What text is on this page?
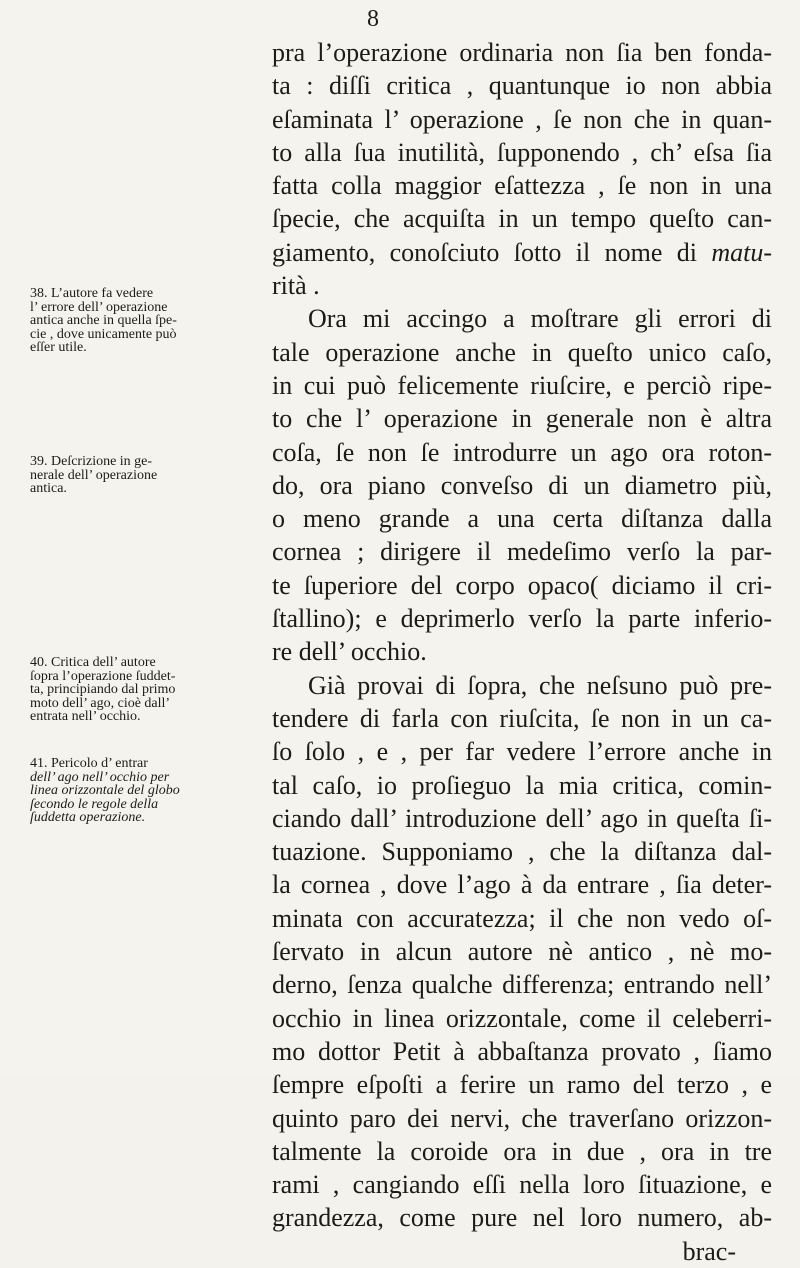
8
pra l’operazione ordinaria non ſia ben fonda-
ta : diſſi critica , quantunque io non abbia
eſaminata l’ operazione , ſe non che in quan-
to alla ſua inutilità, ſupponendo , ch’ eſsa ſia
fatta colla maggior eſattezza , ſe non in una
ſpecie, che acquiſta in un tempo queſto can-
giamento, conoſciuto ſotto il nome di matu-
rità .
Ora mi accingo a moſtrare gli errori di
tale operazione anche in queſto unico caſo,
in cui può felicemente riuſcire, e perciò ripe-
to che l’ operazione in generale non è altra
coſa, ſe non ſe introdurre un ago ora roton-
do, ora piano conveſso di un diametro più,
o meno grande a una certa diſtanza dalla
cornea ; dirigere il medeſimo verſo la par-
te ſuperiore del corpo opaco( diciamo il cri-
ſtallino); e deprimerlo verſo la parte inferio-
re dell’ occhio.
Già provai di ſopra, che neſsuno può pre-
tendere di farla con riuſcita, ſe non in un ca-
ſo ſolo , e , per far vedere l’errore anche in
tal caſo, io proſieguo la mia critica, comin-
ciando dall’ introduzione dell’ ago in queſta ſi-
tuazione. Supponiamo , che la diſtanza dal-
la cornea , dove l’ago à da entrare , ſia deter-
minata con accuratezza; il che non vedo oſ-
ſervato in alcun autore nè antico , nè mo-
derno, ſenza qualche differenza; entrando nell’
occhio in linea orizzontale, come il celeberri-
mo dottor Petit à abbaſtanza provato , ſiamo
ſempre eſpoſti a ferire un ramo del terzo , e
quinto paro dei nervi, che traverſano orizzon-
talmente la coroide ora in due , ora in tre
rami , cangiando eſſi nella loro ſituazione, e
grandezza, come pure nel loro numero, ab-
brac-
38. L’autore fa vedere
l’ errore dell’ operazione
antica anche in quella ſpe-
cie , dove unicamente può
eſſer utile.
39. Deſcrizione in ge-
nerale dell’ operazione
antica.
40. Critica dell’ autore
ſopra l’operazione ſuddet-
ta, principiando dal primo
moto dell’ ago, cioè dall’
entrata nell’ occhio.
41. Pericolo d’ entrar
dell’ ago nell’ occhio per
linea orizzontale del globo
ſecondo le regole della
ſuddetta operazione.
